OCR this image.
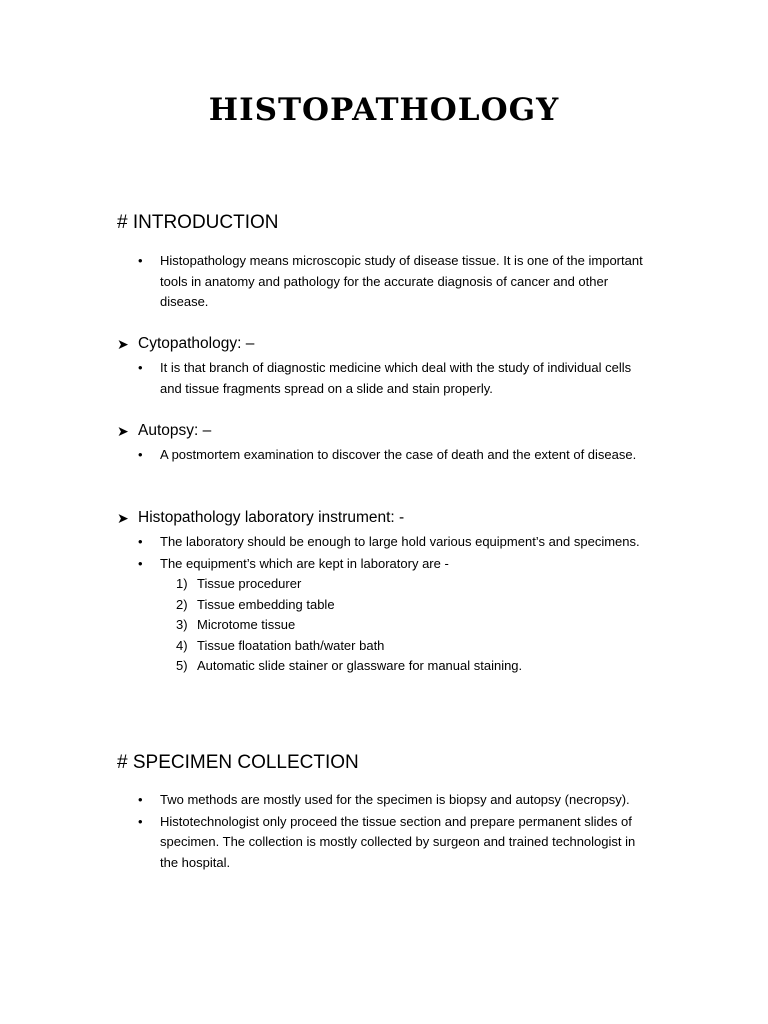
HISTOPATHOLOGY
# INTRODUCTION
• Histopathology means microscopic study of disease tissue. It is one of the important tools in anatomy and pathology for the accurate diagnosis of cancer and other disease.
➤ Cytopathology: –
• It is that branch of diagnostic medicine which deal with the study of individual cells and tissue fragments spread on a slide and stain properly.
➤ Autopsy: –
• A postmortem examination to discover the case of death and the extent of disease.
➤ Histopathology laboratory instrument: -
• The laboratory should be enough to large hold various equipment’s and specimens.
• The equipment’s which are kept in laboratory are -
1) Tissue procedurer
2) Tissue embedding table
3) Microtome tissue
4) Tissue floatation bath/water bath
5) Automatic slide stainer or glassware for manual staining.
# SPECIMEN COLLECTION
• Two methods are mostly used for the specimen is biopsy and autopsy (necropsy).
• Histotechnologist only proceed the tissue section and prepare permanent slides of specimen. The collection is mostly collected by surgeon and trained technologist in the hospital.
